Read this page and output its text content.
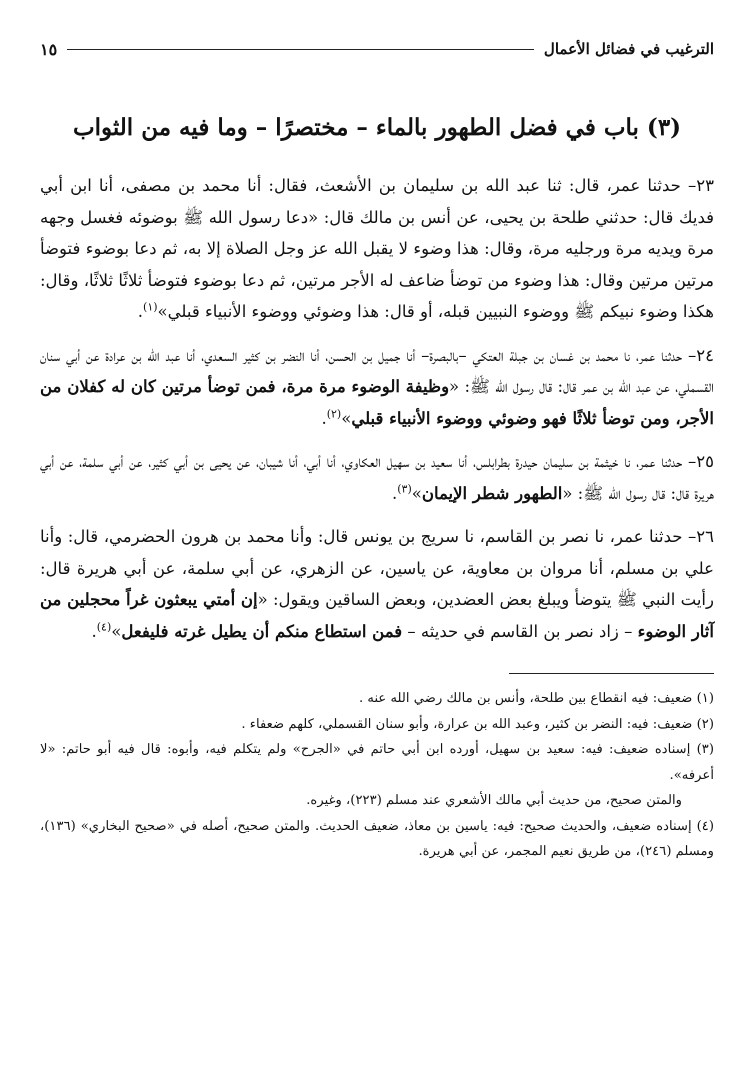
الترغيب في فضائل الأعمال
١٥
(٣) باب في فضل الطهور بالماء – مختصرًا – وما فيه من الثواب

٢٣– حدثنا عمر، قال: ثنا عبد الله بن سليمان بن الأشعث، فقال: أنا محمد بن مصفى، أنا ابن أبي فديك قال: حدثني طلحة بن يحيى، عن أنس بن مالك قال: «دعا رسول الله ﷺ بوضوئه فغسل وجهه مرة ويديه مرة ورجليه مرة، وقال: هذا وضوء لا يقبل الله عز وجل الصلاة إلا به، ثم دعا بوضوء فتوضأ مرتين مرتين وقال: هذا وضوء من توضأ ضاعف له الأجر مرتين، ثم دعا بوضوء فتوضأ ثلاثًا ثلاثًا، وقال: هكذا وضوء نبيكم ﷺ ووضوء النبيين قبله، أو قال: هذا وضوئي ووضوء الأنبياء قبلي»$^{(١)}$.

٢٤– حدثنا عمر، نا محمد بن غسان بن جبلة العتكي –بالبصرة– أنا جميل بن الحسن، أنا النضر بن كثير السعدي، أنا عبد الله بن عرادة عن أبي سنان القسملي، عن عبد الله بن عمر قال: قال رسول الله ﷺ: «وظيفة الوضوء مرة مرة، فمن توضأ مرتين كان له كفلان من الأجر، ومن توضأ ثلاثًا فهو وضوئي ووضوء الأنبياء قبلي»$^{(٢)}$.

٢٥– حدثنا عمر، نا خيثمة بن سليمان حيدرة بطرابلس، أنا سعيد بن سهيل العكاوي، أنا أبي، أنا شيبان، عن يحيى بن أبي كثير، عن أبي سلمة، عن أبي هريرة قال: قال رسول الله ﷺ: «الطهور شطر الإيمان»$^{(٣)}$.

٢٦– حدثنا عمر، نا نصر بن القاسم، نا سريج بن يونس قال: وأنا محمد بن هرون الحضرمي، قال: وأنا علي بن مسلم، أنا مروان بن معاوية، عن ياسين، عن الزهري، عن أبي سلمة، عن أبي هريرة قال: رأيت النبي ﷺ يتوضأ ويبلغ بعض العضدين، وبعض الساقين ويقول: «إن أمتي يبعثون غراً محجلين من آثار الوضوء – زاد نصر بن القاسم في حديثه – فمن استطاع منكم أن يطيل غرته فليفعل»$^{(٤)}$.

(١) ضعيف: فيه انقطاع بين طلحة، وأنس بن مالك رضي الله عنه .

(٢) ضعيف: فيه: النضر بن كثير، وعبد الله بن عرارة، وأبو سنان القسملي، كلهم ضعفاء .

(٣) إسناده ضعيف: فيه: سعيد بن سهيل، أورده ابن أبي حاتم في «الجرح» ولم يتكلم فيه، وأبوه: قال فيه أبو حاتم: «لا أعرفه».

والمتن صحيح، من حديث أبي مالك الأشعري عند مسلم (٢٢٣)، وغيره.

(٤) إسناده ضعيف، والحديث صحيح: فيه: ياسين بن معاذ، ضعيف الحديث. والمتن صحيح، أصله في «صحيح البخاري» (١٣٦)، ومسلم (٢٤٦)، من طريق نعيم المجمر، عن أبي هريرة.
